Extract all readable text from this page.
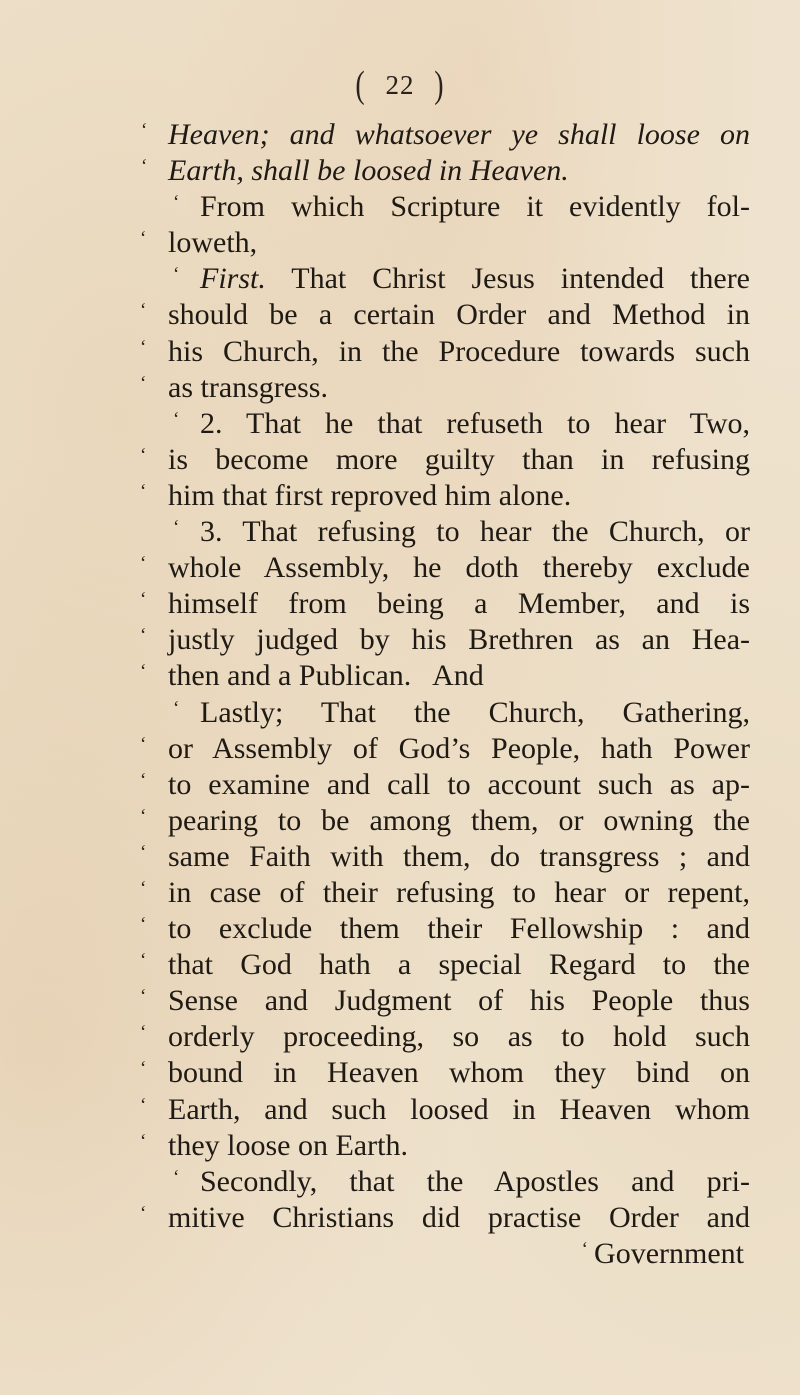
( 22 )
‘ Heaven; and whatsoever ye shall loose on
‘ Earth, shall be loosed in Heaven.
‘ From which Scripture it evidently fol-
‘ loweth,
‘ First. That Christ Jesus intended there
‘ should be a certain Order and Method in
‘ his Church, in the Procedure towards such
‘ as transgress.
‘ 2. That he that refuseth to hear Two,
‘ is become more guilty than in refusing
‘ him that first reproved him alone.
‘ 3. That refusing to hear the Church, or
‘ whole Assembly, he doth thereby exclude
‘ himself from being a Member, and is
‘ justly judged by his Brethren as an Hea-
‘ then and a Publican.   And
‘ Lastly; That the Church, Gathering,
‘ or Assembly of God’s People, hath Power
‘ to examine and call to account such as ap-
‘ pearing to be among them, or owning the
‘ same Faith with them, do transgress ; and
‘ in case of their refusing to hear or repent,
‘ to exclude them their Fellowship : and
‘ that God hath a special Regard to the
‘ Sense and Judgment of his People thus
‘ orderly proceeding, so as to hold such
‘ bound in Heaven whom they bind on
‘ Earth, and such loosed in Heaven whom
‘ they loose on Earth.
‘ Secondly, that the Apostles and pri-
‘ mitive Christians did practise Order and
‘ Government
